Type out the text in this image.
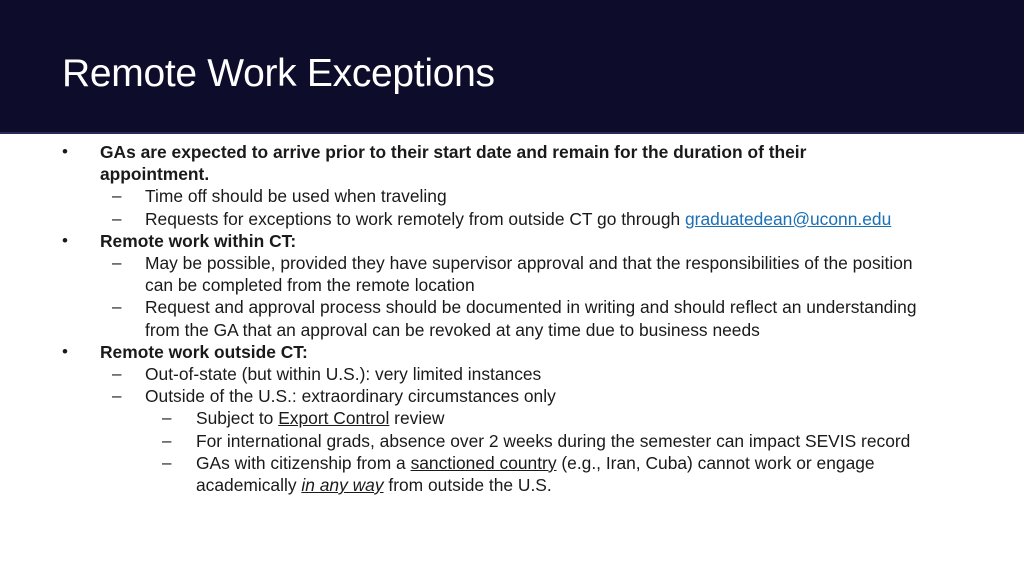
Remote Work Exceptions
• GAs are expected to arrive prior to their start date and remain for the duration of their appointment.
– Time off should be used when traveling
– Requests for exceptions to work remotely from outside CT go through graduatedean@uconn.edu
• Remote work within CT:
– May be possible, provided they have supervisor approval and that the responsibilities of the position can be completed from the remote location
– Request and approval process should be documented in writing and should reflect an understanding from the GA that an approval can be revoked at any time due to business needs
• Remote work outside CT:
– Out-of-state (but within U.S.): very limited instances
– Outside of the U.S.: extraordinary circumstances only
– Subject to Export Control review
– For international grads, absence over 2 weeks during the semester can impact SEVIS record
– GAs with citizenship from a sanctioned country (e.g., Iran, Cuba) cannot work or engage academically in any way from outside the U.S.
